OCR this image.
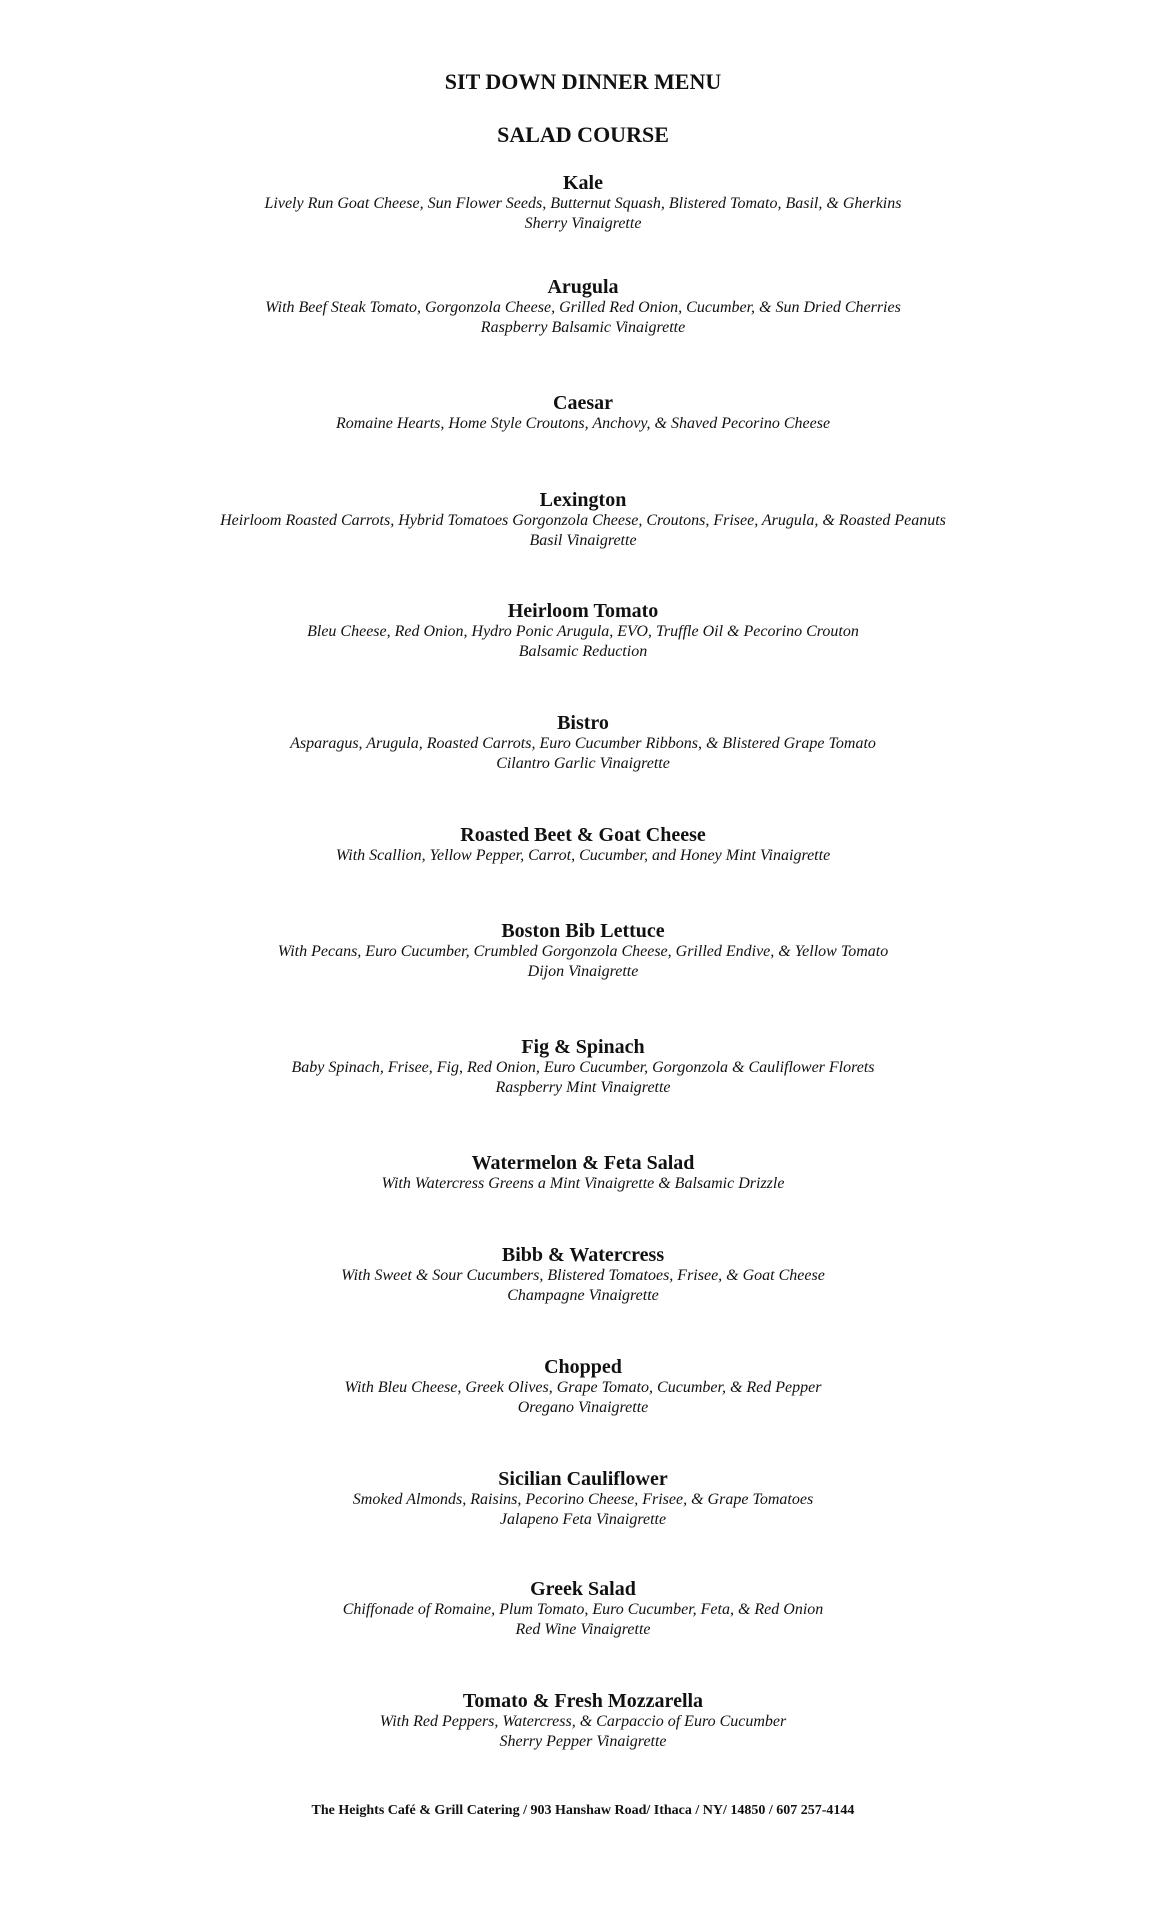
SIT DOWN DINNER MENU
SALAD COURSE
Kale
Lively Run Goat Cheese, Sun Flower Seeds, Butternut Squash, Blistered Tomato, Basil, & Gherkins
Sherry Vinaigrette
Arugula
With Beef Steak Tomato, Gorgonzola Cheese, Grilled Red Onion, Cucumber, & Sun Dried Cherries
Raspberry Balsamic Vinaigrette
Caesar
Romaine Hearts, Home Style Croutons, Anchovy, & Shaved Pecorino Cheese
Lexington
Heirloom Roasted Carrots, Hybrid Tomatoes Gorgonzola Cheese, Croutons, Frisee, Arugula, & Roasted Peanuts
Basil Vinaigrette
Heirloom Tomato
Bleu Cheese, Red Onion, Hydro Ponic Arugula, EVO, Truffle Oil & Pecorino Crouton
Balsamic Reduction
Bistro
Asparagus, Arugula, Roasted Carrots, Euro Cucumber Ribbons, & Blistered Grape Tomato
Cilantro Garlic Vinaigrette
Roasted Beet & Goat Cheese
With Scallion, Yellow Pepper, Carrot, Cucumber, and Honey Mint Vinaigrette
Boston Bib Lettuce
With Pecans, Euro Cucumber, Crumbled Gorgonzola Cheese, Grilled Endive, & Yellow Tomato
Dijon Vinaigrette
Fig & Spinach
Baby Spinach, Frisee, Fig, Red Onion, Euro Cucumber, Gorgonzola & Cauliflower Florets
Raspberry Mint Vinaigrette
Watermelon & Feta Salad
With Watercress Greens a Mint Vinaigrette & Balsamic Drizzle
Bibb & Watercress
With Sweet & Sour Cucumbers, Blistered Tomatoes, Frisee, & Goat Cheese
Champagne Vinaigrette
Chopped
With Bleu Cheese, Greek Olives, Grape Tomato, Cucumber, & Red Pepper
Oregano Vinaigrette
Sicilian Cauliflower
Smoked Almonds, Raisins, Pecorino Cheese, Frisee, & Grape Tomatoes
Jalapeno Feta Vinaigrette
Greek Salad
Chiffonade of Romaine, Plum Tomato, Euro Cucumber, Feta, & Red Onion
Red Wine Vinaigrette
Tomato & Fresh Mozzarella
With Red Peppers, Watercress, & Carpaccio of Euro Cucumber
Sherry Pepper Vinaigrette
The Heights Café & Grill Catering / 903 Hanshaw Road/ Ithaca / NY/ 14850 / 607 257-4144
